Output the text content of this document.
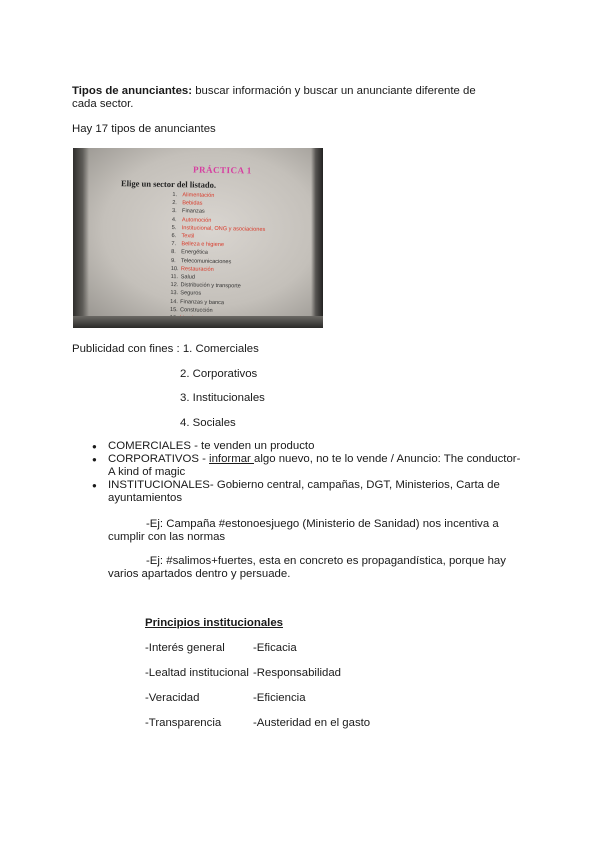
Tipos de anunciantes: buscar información y buscar un anunciante diferente de cada sector.
Hay 17 tipos de anunciantes
PRÁCTICA 1
Elige un sector del listado.
1. Alimentación
2. Bebidas
3. Finanzas
4. Automoción
5. Institucional, ONG y asociaciones
6. Textil
7. Belleza e higiene
8. Energética
9. Telecomunicaciones
10. Restauración
11. Salud
12. Distribución y transporte
13. Seguros
14. Finanzas y banca
15. Construcción
Publicidad con fines : 1. Comerciales
2. Corporativos
3. Institucionales
4. Sociales
● COMERCIALES - te venden un producto
● CORPORATIVOS - informar algo nuevo, no te lo vende / Anuncio: The conductor-A kind of magic
● INSTITUCIONALES- Gobierno central, campañas, DGT, Ministerios, Carta de ayuntamientos
-Ej: Campaña #estonoesjuego (Ministerio de Sanidad) nos incentiva a cumplir con las normas
-Ej: #salimos+fuertes, esta en concreto es propagandística, porque hay varios apartados dentro y persuade.
Principios institucionales
-Interés general	-Eficacia
-Lealtad institucional -Responsabilidad
-Veracidad	-Eficiencia
-Transparencia	-Austeridad en el gasto
